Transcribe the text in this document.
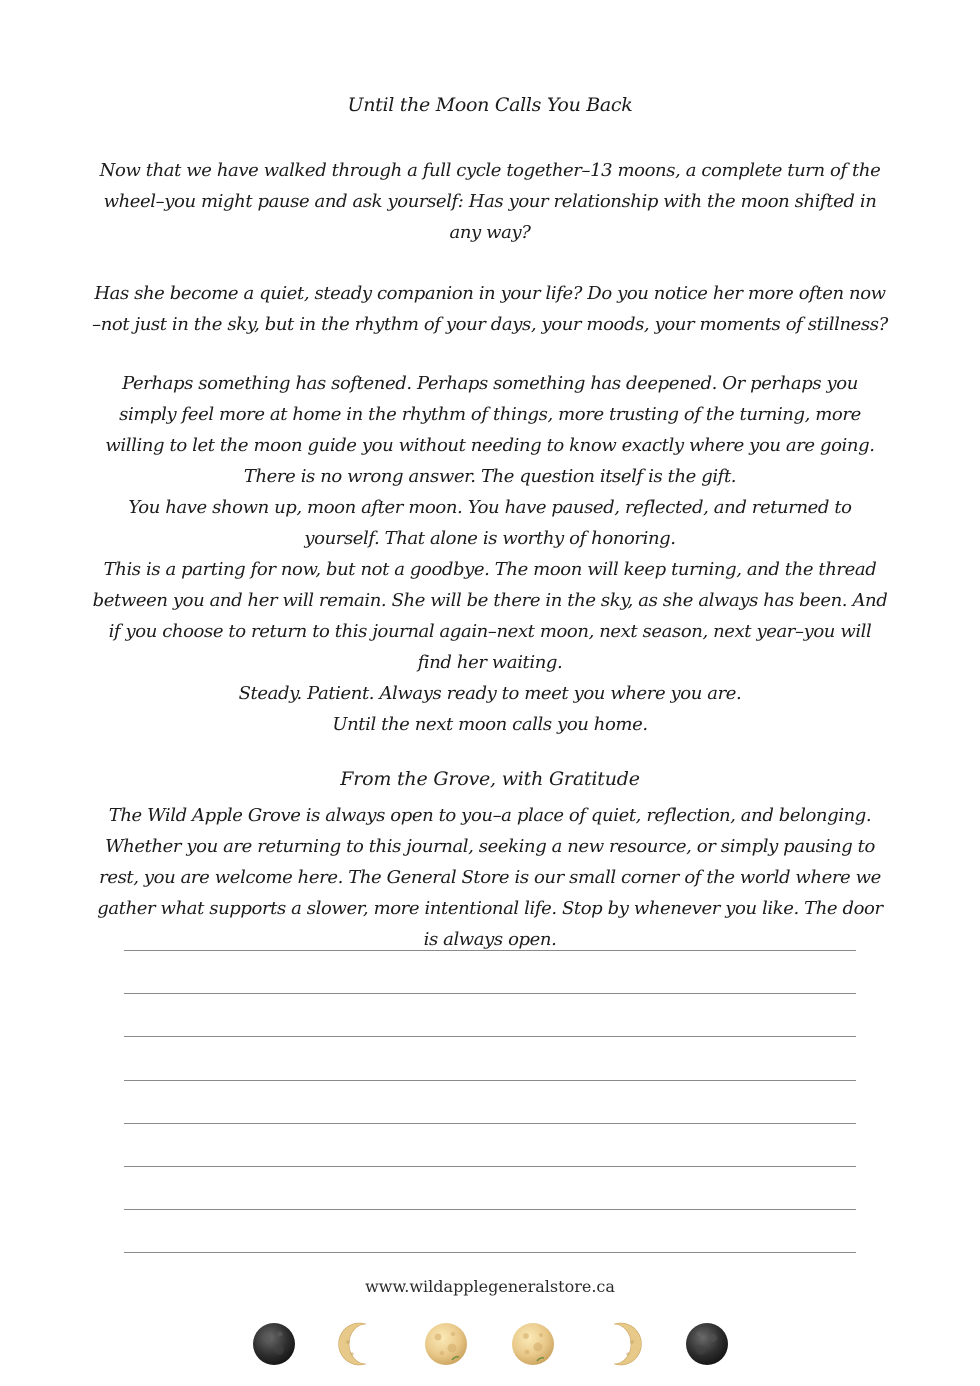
Until the Moon Calls You Back
Now that we have walked through a full cycle together–13 moons, a complete turn of the
wheel–you might pause and ask yourself: Has your relationship with the moon shifted in
any way?
Has she become a quiet, steady companion in your life? Do you notice her more often now
–not just in the sky, but in the rhythm of your days, your moods, your moments of stillness?
Perhaps something has softened. Perhaps something has deepened. Or perhaps you
simply feel more at home in the rhythm of things, more trusting of the turning, more
willing to let the moon guide you without needing to know exactly where you are going.
There is no wrong answer. The question itself is the gift.
You have shown up, moon after moon. You have paused, reflected, and returned to
yourself. That alone is worthy of honoring.
This is a parting for now, but not a goodbye. The moon will keep turning, and the thread
between you and her will remain. She will be there in the sky, as she always has been. And
if you choose to return to this journal again–next moon, next season, next year–you will
find her waiting.
Steady. Patient. Always ready to meet you where you are.
Until the next moon calls you home.
From the Grove, with Gratitude
The Wild Apple Grove is always open to you–a place of quiet, reflection, and belonging.
Whether you are returning to this journal, seeking a new resource, or simply pausing to
rest, you are welcome here. The General Store is our small corner of the world where we
gather what supports a slower, more intentional life. Stop by whenever you like. The door
is always open.
www.wildapplegeneralstore.ca
